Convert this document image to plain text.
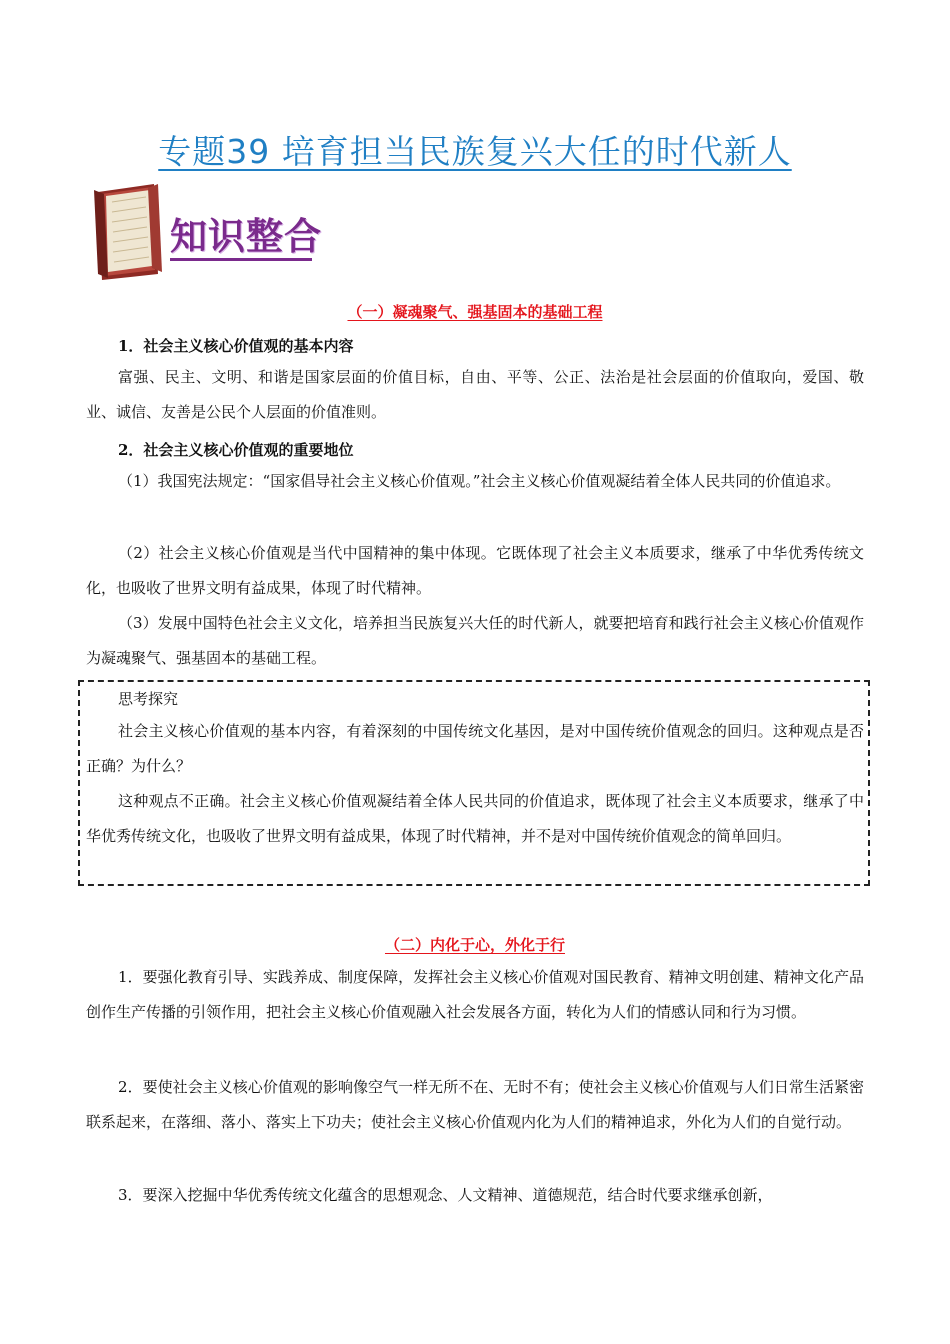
专题39 培育担当民族复兴大任的时代新人
知识整合
（一）凝魂聚气、强基固本的基础工程
1．社会主义核心价值观的基本内容

富强、民主、文明、和谐是国家层面的价值目标，自由、平等、公正、法治是社会层面的价值取向，爱国、敬业、诚信、友善是公民个人层面的价值准则。

2．社会主义核心价值观的重要地位

（1）我国宪法规定：“国家倡导社会主义核心价值观。”社会主义核心价值观凝结着全体人民共同的价值追求。

（2）社会主义核心价值观是当代中国精神的集中体现。它既体现了社会主义本质要求，继承了中华优秀传统文化，也吸收了世界文明有益成果，体现了时代精神。

（3）发展中国特色社会主义文化，培养担当民族复兴大任的时代新人，就要把培育和践行社会主义核心价值观作为凝魂聚气、强基固本的基础工程。

思考探究

社会主义核心价值观的基本内容，有着深刻的中国传统文化基因，是对中国传统价值观念的回归。这种观点是否正确？为什么？

这种观点不正确。社会主义核心价值观凝结着全体人民共同的价值追求，既体现了社会主义本质要求，继承了中华优秀传统文化，也吸收了世界文明有益成果，体现了时代精神，并不是对中国传统价值观念的简单回归。

（二）内化于心，外化于行

1．要强化教育引导、实践养成、制度保障，发挥社会主义核心价值观对国民教育、精神文明创建、精神文化产品创作生产传播的引领作用，把社会主义核心价值观融入社会发展各方面，转化为人们的情感认同和行为习惯。

2．要使社会主义核心价值观的影响像空气一样无所不在、无时不有；使社会主义核心价值观与人们日常生活紧密联系起来，在落细、落小、落实上下功夫；使社会主义核心价值观内化为人们的精神追求，外化为人们的自觉行动。

3．要深入挖掘中华优秀传统文化蕴含的思想观念、人文精神、道德规范，结合时代要求继承创新，
